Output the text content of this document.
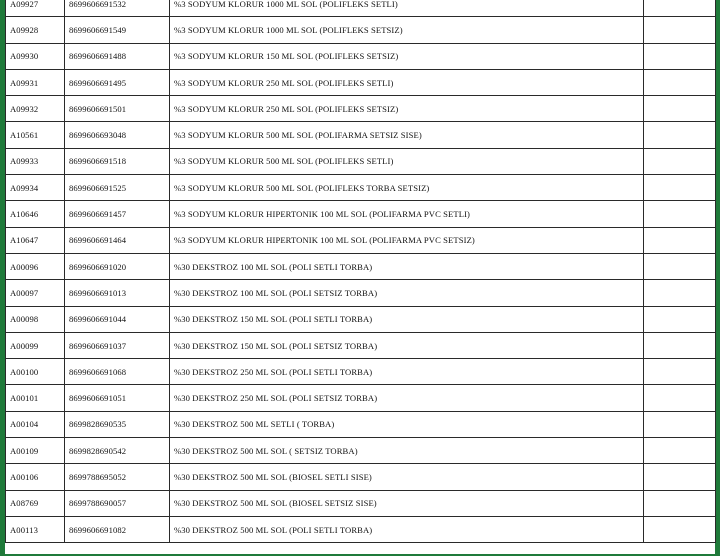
A09927	8699606691532	%3 SODYUM KLORUR 1000 ML SOL (POLIFLEKS SETLI)	
A09928	8699606691549	%3 SODYUM KLORUR 1000 ML SOL (POLIFLEKS SETSIZ)	
A09930	8699606691488	%3 SODYUM KLORUR 150 ML SOL (POLIFLEKS SETSIZ)	
A09931	8699606691495	%3 SODYUM KLORUR 250 ML SOL (POLIFLEKS SETLI)	
A09932	8699606691501	%3 SODYUM KLORUR 250 ML SOL (POLIFLEKS SETSIZ)	
A10561	8699606693048	%3 SODYUM KLORUR 500 ML SOL (POLIFARMA SETSIZ SISE)	
A09933	8699606691518	%3 SODYUM KLORUR 500 ML SOL (POLIFLEKS SETLI)	
A09934	8699606691525	%3 SODYUM KLORUR 500 ML SOL (POLIFLEKS TORBA SETSIZ)	
A10646	8699606691457	%3 SODYUM KLORUR HIPERTONIK 100 ML SOL (POLIFARMA PVC SETLI)	
A10647	8699606691464	%3 SODYUM KLORUR HIPERTONIK 100 ML SOL (POLIFARMA PVC SETSIZ)	
A00096	8699606691020	%30 DEKSTROZ 100 ML SOL (POLI SETLI TORBA)	
A00097	8699606691013	%30 DEKSTROZ 100 ML SOL (POLI SETSIZ TORBA)	
A00098	8699606691044	%30 DEKSTROZ 150 ML SOL (POLI SETLI TORBA)	
A00099	8699606691037	%30 DEKSTROZ 150 ML SOL (POLI SETSIZ TORBA)	
A00100	8699606691068	%30 DEKSTROZ 250 ML SOL (POLI SETLI TORBA)	
A00101	8699606691051	%30 DEKSTROZ 250 ML SOL (POLI SETSIZ TORBA)	
A00104	8699828690535	%30 DEKSTROZ 500 ML SETLI ( TORBA)	
A00109	8699828690542	%30 DEKSTROZ 500 ML SOL ( SETSIZ TORBA)	
A00106	8699788695052	%30 DEKSTROZ 500 ML SOL (BIOSEL SETLI SISE)	
A08769	8699788690057	%30 DEKSTROZ 500 ML SOL (BIOSEL SETSIZ SISE)	
A00113	8699606691082	%30 DEKSTROZ 500 ML SOL (POLI SETLI TORBA)	
